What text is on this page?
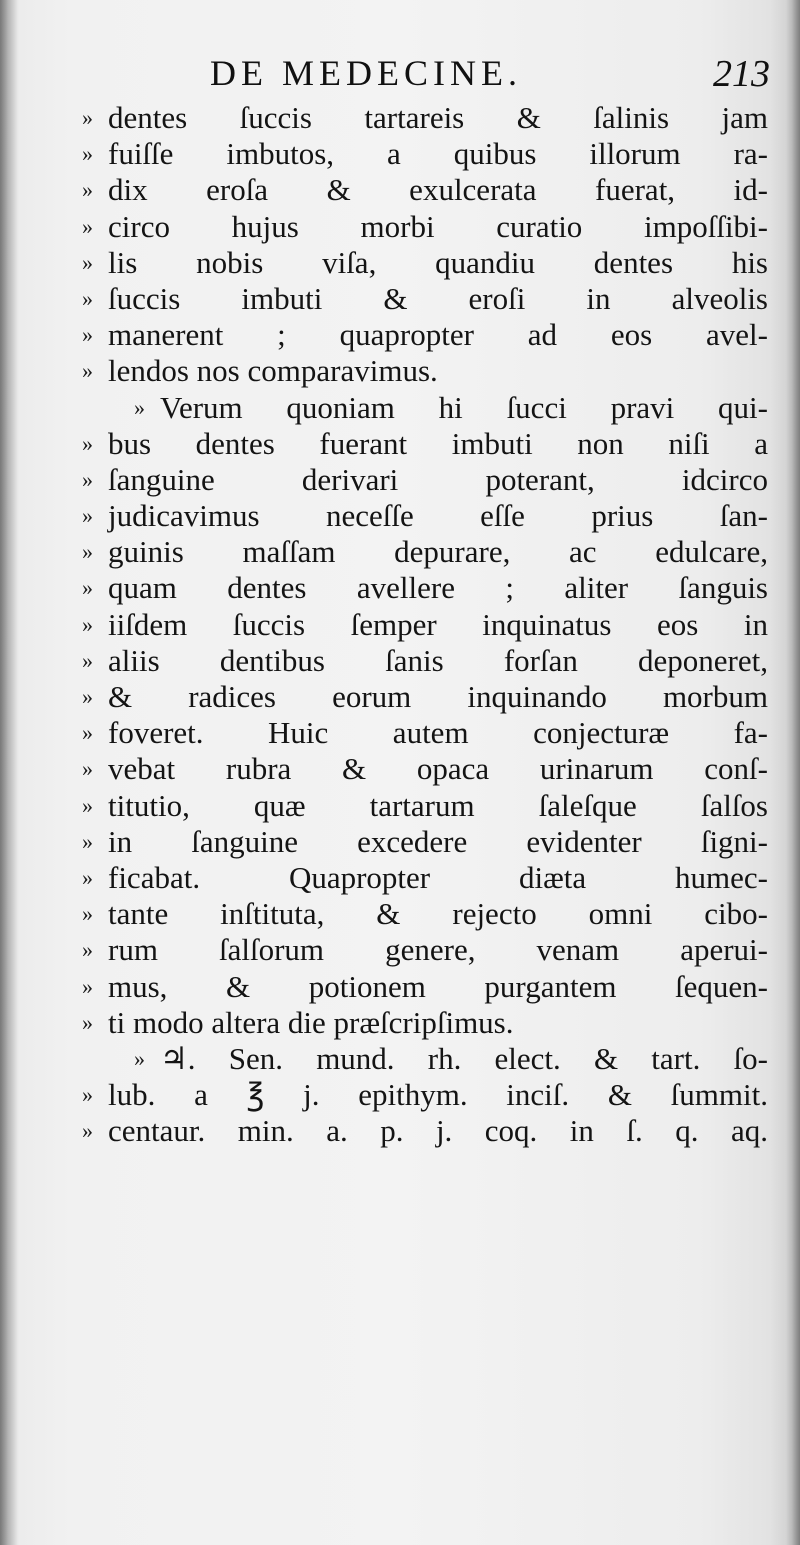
DE MEDECINE.	213
» dentes ſuccis tartareis & ſalinis jam
» fuiſſe imbutos, a quibus illorum ra-
» dix eroſa & exulcerata fuerat, id-
» circo hujus morbi curatio impoſſibi-
» lis nobis viſa, quandiu dentes his
» ſuccis imbuti & eroſi in alveolis
» manerent ; quapropter ad eos avel-
» lendos nos comparavimus.
» Verum quoniam hi ſucci pravi qui-
» bus dentes fuerant imbuti non niſi a
» ſanguine derivari poterant, idcirco
» judicavimus neceſſe eſſe prius ſan-
» guinis maſſam depurare, ac edulcare,
» quam dentes avellere ; aliter ſanguis
» iiſdem ſuccis ſemper inquinatus eos in
» aliis dentibus ſanis forſan deponeret,
» & radices eorum inquinando morbum
» foveret. Huic autem conjecturæ fa-
» vebat rubra & opaca urinarum conſ-
» titutio, quæ tartarum ſaleſque ſalſos
» in ſanguine excedere evidenter ſigni-
» ficabat. Quapropter diæta humec-
» tante inſtituta, & rejecto omni cibo-
» rum ſalſorum genere, venam aperui-
» mus, & potionem purgantem ſequen-
» ti modo altera die præſcripſimus.
» ♃. Sen. mund. rh. elect. & tart. ſo-
» lub. a ℥ j. epithym. inciſ. & ſummit.
» centaur. min. a. p. j. coq. in ſ. q. aq.
